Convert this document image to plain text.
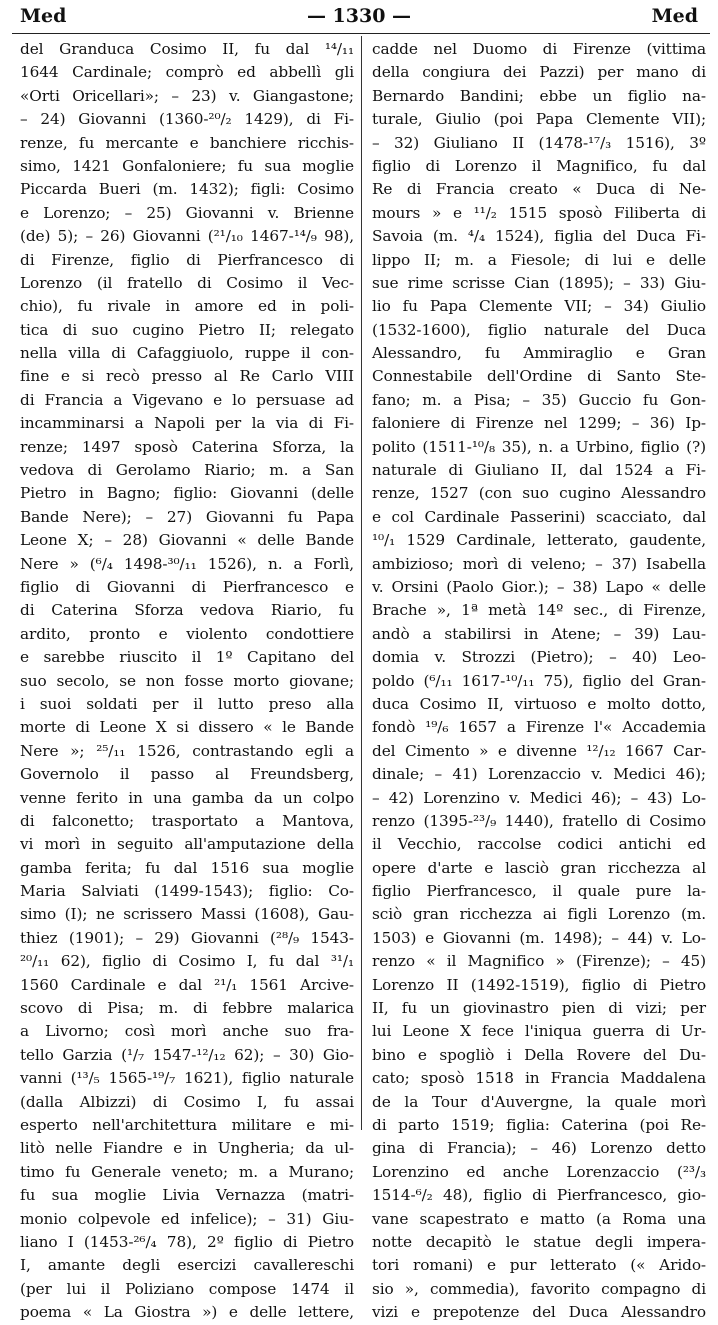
Med	— 1330 —	Med
del Granduca Cosimo II, fu dal ¹⁴/₁₁
1644 Cardinale; comprò ed abbellì gli
«Orti Oricellari»; – 23) v. Giangastone;
– 24) Giovanni (1360-²⁰/₂ 1429), di Fi-
renze, fu mercante e banchiere ricchis-
simo, 1421 Gonfaloniere; fu sua moglie
Piccarda Bueri (m. 1432); figli: Cosimo
e Lorenzo; – 25) Giovanni v. Brienne
(de) 5); – 26) Giovanni (²¹/₁₀ 1467-¹⁴/₉ 98),
di Firenze, figlio di Pierfrancesco di
Lorenzo (il fratello di Cosimo il Vec-
chio), fu rivale in amore ed in poli-
tica di suo cugino Pietro II; relegato
nella villa di Cafaggiuolo, ruppe il con-
fine e si recò presso al Re Carlo VIII
di Francia a Vigevano e lo persuase ad
incamminarsi a Napoli per la via di Fi-
renze; 1497 sposò Caterina Sforza, la
vedova di Gerolamo Riario; m. a San
Pietro in Bagno; figlio: Giovanni (delle
Bande Nere); – 27) Giovanni fu Papa
Leone X; – 28) Giovanni « delle Bande
Nere » (⁶/₄ 1498-³⁰/₁₁ 1526), n. a Forlì,
figlio di Giovanni di Pierfrancesco e
di Caterina Sforza vedova Riario, fu
ardito, pronto e violento condottiere
e sarebbe riuscito il 1º Capitano del
suo secolo, se non fosse morto giovane;
i suoi soldati per il lutto preso alla
morte di Leone X si dissero « le Bande
Nere »; ²⁵/₁₁ 1526, contrastando egli a
Governolo il passo al Freundsberg,
venne ferito in una gamba da un colpo
di falconetto; trasportato a Mantova,
vi morì in seguito all'amputazione della
gamba ferita; fu dal 1516 sua moglie
Maria Salviati (1499-1543); figlio: Co-
simo (I); ne scrissero Massi (1608), Gau-
thiez (1901); – 29) Giovanni (²⁸/₉ 1543-
²⁰/₁₁ 62), figlio di Cosimo I, fu dal ³¹/₁
1560 Cardinale e dal ²¹/₁ 1561 Arcive-
scovo di Pisa; m. di febbre malarica
a Livorno; così morì anche suo fra-
tello Garzia (¹/₇ 1547-¹²/₁₂ 62); – 30) Gio-
vanni (¹³/₅ 1565-¹⁹/₇ 1621), figlio naturale
(dalla Albizzi) di Cosimo I, fu assai
esperto nell'architettura militare e mi-
litò nelle Fiandre e in Ungheria; da ul-
timo fu Generale veneto; m. a Murano;
fu sua moglie Livia Vernazza (matri-
monio colpevole ed infelice); – 31) Giu-
liano I (1453-²⁶/₄ 78), 2º figlio di Pietro
I, amante degli esercizi cavallereschi
(per lui il Poliziano compose 1474 il
poema « La Giostra ») e delle lettere,
cadde nel Duomo di Firenze (vittima
della congiura dei Pazzi) per mano di
Bernardo Bandini; ebbe un figlio na-
turale, Giulio (poi Papa Clemente VII);
– 32) Giuliano II (1478-¹⁷/₃ 1516), 3º
figlio di Lorenzo il Magnifico, fu dal
Re di Francia creato « Duca di Ne-
mours » e ¹¹/₂ 1515 sposò Filiberta di
Savoia (m. ⁴/₄ 1524), figlia del Duca Fi-
lippo II; m. a Fiesole; di lui e delle
sue rime scrisse Cian (1895); – 33) Giu-
lio fu Papa Clemente VII; – 34) Giulio
(1532-1600), figlio naturale del Duca
Alessandro, fu Ammiraglio e Gran
Connestabile dell'Ordine di Santo Ste-
fano; m. a Pisa; – 35) Guccio fu Gon-
faloniere di Firenze nel 1299; – 36) Ip-
polito (1511-¹⁰/₈ 35), n. a Urbino, figlio (?)
naturale di Giuliano II, dal 1524 a Fi-
renze, 1527 (con suo cugino Alessandro
e col Cardinale Passerini) scacciato, dal
¹⁰/₁ 1529 Cardinale, letterato, gaudente,
ambizioso; morì di veleno; – 37) Isabella
v. Orsini (Paolo Gior.); – 38) Lapo « delle
Brache », 1ª metà 14º sec., di Firenze,
andò a stabilirsi in Atene; – 39) Lau-
domia v. Strozzi (Pietro); – 40) Leo-
poldo (⁶/₁₁ 1617-¹⁰/₁₁ 75), figlio del Gran-
duca Cosimo II, virtuoso e molto dotto,
fondò ¹⁹/₆ 1657 a Firenze l'« Accademia
del Cimento » e divenne ¹²/₁₂ 1667 Car-
dinale; – 41) Lorenzaccio v. Medici 46);
– 42) Lorenzino v. Medici 46); – 43) Lo-
renzo (1395-²³/₉ 1440), fratello di Cosimo
il Vecchio, raccolse codici antichi ed
opere d'arte e lasciò gran ricchezza al
figlio Pierfrancesco, il quale pure la-
sciò gran ricchezza ai figli Lorenzo (m.
1503) e Giovanni (m. 1498); – 44) v. Lo-
renzo « il Magnifico » (Firenze); – 45)
Lorenzo II (1492-1519), figlio di Pietro
II, fu un giovinastro pien di vizi; per
lui Leone X fece l'iniqua guerra di Ur-
bino e spogliò i Della Rovere del Du-
cato; sposò 1518 in Francia Maddalena
de la Tour d'Auvergne, la quale morì
di parto 1519; figlia: Caterina (poi Re-
gina di Francia); – 46) Lorenzo detto
Lorenzino ed anche Lorenzaccio (²³/₃
1514-⁶/₂ 48), figlio di Pierfrancesco, gio-
vane scapestrato e matto (a Roma una
notte decapitò le statue degli impera-
tori romani) e pur letterato (« Arido-
sio », commedia), favorito compagno di
vizi e prepotenze del Duca Alessandro
